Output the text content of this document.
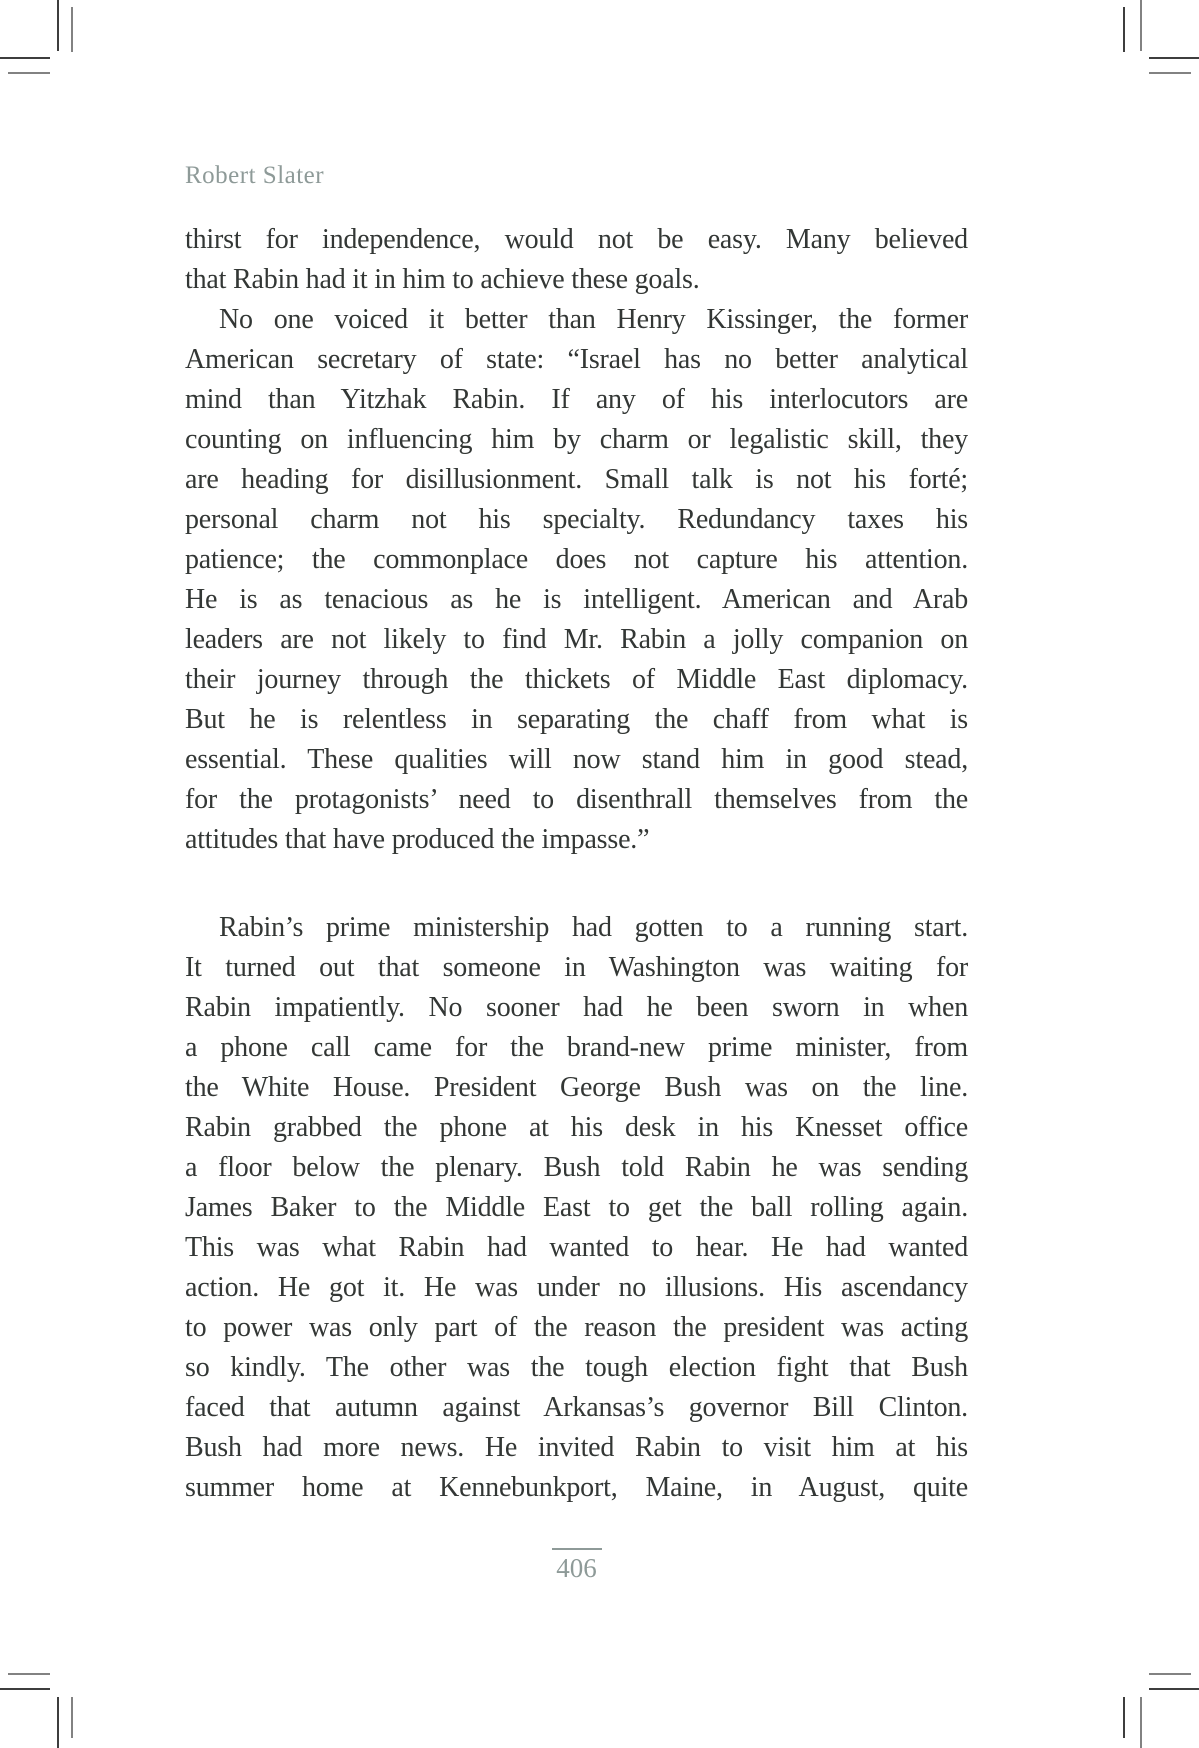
Robert Slater
thirst for independence, would not be easy. Many believed
that Rabin had it in him to achieve these goals.
No one voiced it better than Henry Kissinger, the former
American secretary of state: “Israel has no better analytical
mind than Yitzhak Rabin. If any of his interlocutors are
counting on influencing him by charm or legalistic skill, they
are heading for disillusionment. Small talk is not his forté;
personal charm not his specialty. Redundancy taxes his
patience; the commonplace does not capture his attention.
He is as tenacious as he is intelligent. American and Arab
leaders are not likely to find Mr. Rabin a jolly companion on
their journey through the thickets of Middle East diplomacy.
But he is relentless in separating the chaff from what is
essential. These qualities will now stand him in good stead,
for the protagonists’ need to disenthrall themselves from the
attitudes that have produced the impasse.”
Rabin’s prime ministership had gotten to a running start.
It turned out that someone in Washington was waiting for
Rabin impatiently. No sooner had he been sworn in when
a phone call came for the brand-new prime minister, from
the White House. President George Bush was on the line.
Rabin grabbed the phone at his desk in his Knesset office
a floor below the plenary. Bush told Rabin he was sending
James Baker to the Middle East to get the ball rolling again.
This was what Rabin had wanted to hear. He had wanted
action. He got it. He was under no illusions. His ascendancy
to power was only part of the reason the president was acting
so kindly. The other was the tough election fight that Bush
faced that autumn against Arkansas’s governor Bill Clinton.
Bush had more news. He invited Rabin to visit him at his
summer home at Kennebunkport, Maine, in August, quite
406
